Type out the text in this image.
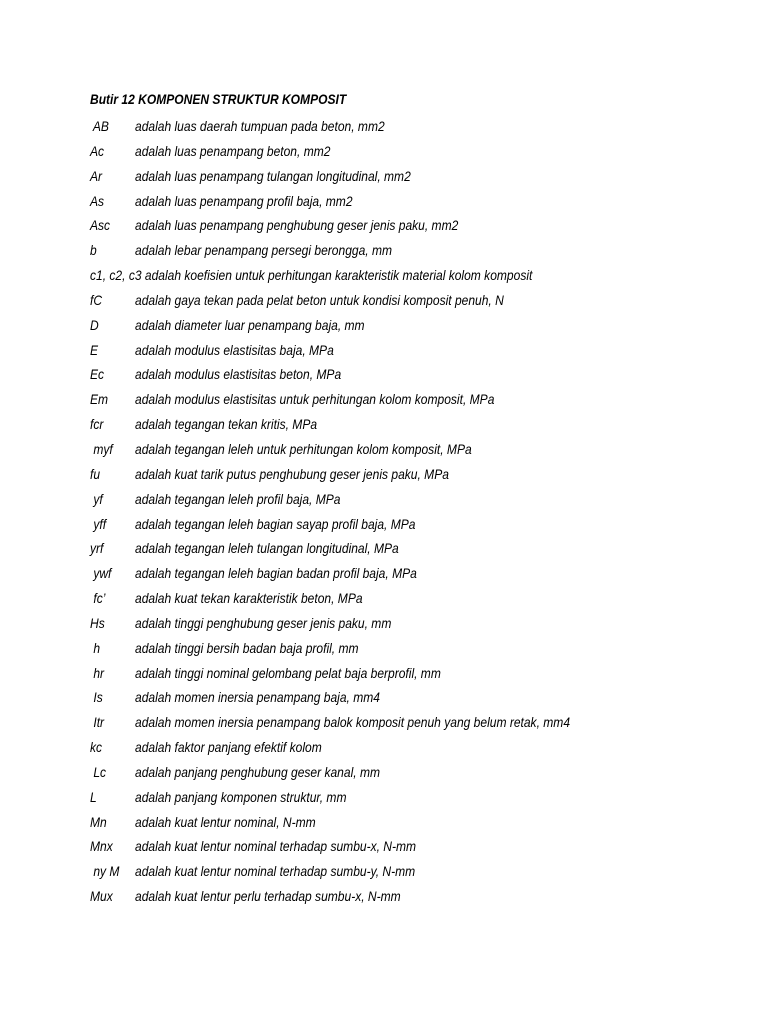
Butir 12 KOMPONEN STRUKTUR KOMPOSIT
AB adalah luas daerah tumpuan pada beton, mm2
Ac adalah luas penampang beton, mm2
Ar adalah luas penampang tulangan longitudinal, mm2
As adalah luas penampang profil baja, mm2
Asc adalah luas penampang penghubung geser jenis paku, mm2
b	adalah lebar penampang persegi berongga, mm
c1, c2, c3 adalah koefisien untuk perhitungan karakteristik material kolom komposit
fC adalah gaya tekan pada pelat beton untuk kondisi komposit penuh, N
D	adalah diameter luar penampang baja, mm
E	adalah modulus elastisitas baja, MPa
Ec adalah modulus elastisitas beton, MPa
Em adalah modulus elastisitas untuk perhitungan kolom komposit, MPa
fcr adalah tegangan tekan kritis, MPa
myf adalah tegangan leleh untuk perhitungan kolom komposit, MPa
fu adalah kuat tarik putus penghubung geser jenis paku, MPa
yf adalah tegangan leleh profil baja, MPa
yff adalah tegangan leleh bagian sayap profil baja, MPa
yrf adalah tegangan leleh tulangan longitudinal, MPa
ywf adalah tegangan leleh bagian badan profil baja, MPa
fc’ adalah kuat tekan karakteristik beton, MPa
Hs adalah tinggi penghubung geser jenis paku, mm
h adalah tinggi bersih badan baja profil, mm
hr adalah tinggi nominal gelombang pelat baja berprofil, mm
Is adalah momen inersia penampang baja, mm4
Itr adalah momen inersia penampang balok komposit penuh yang belum retak, mm4
kc adalah faktor panjang efektif kolom
Lc adalah panjang penghubung geser kanal, mm
L	adalah panjang komponen struktur, mm
Mn adalah kuat lentur nominal, N-mm
Mnx adalah kuat lentur nominal terhadap sumbu-x, N-mm
ny M adalah kuat lentur nominal terhadap sumbu-y, N-mm
Mux adalah kuat lentur perlu terhadap sumbu-x, N-mm
